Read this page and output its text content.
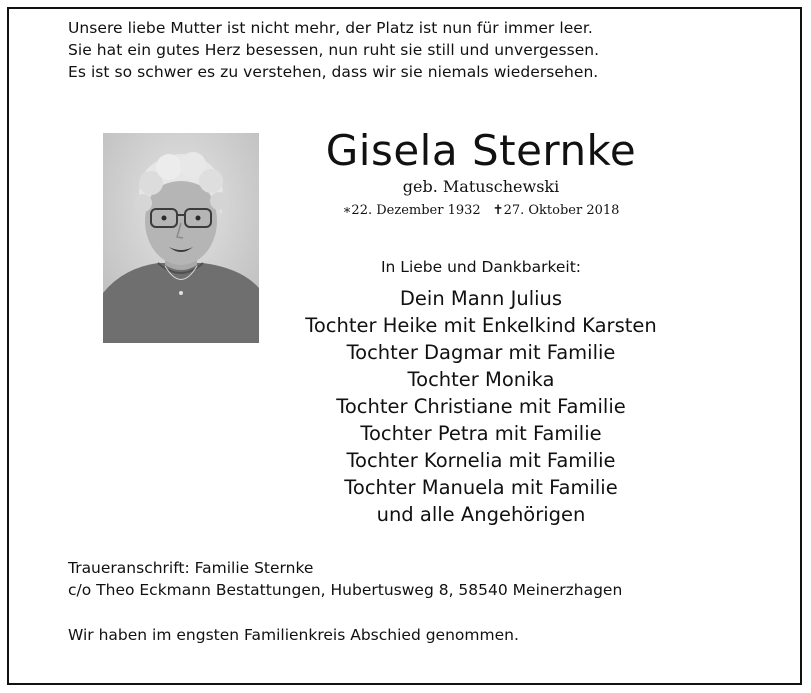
Unsere liebe Mutter ist nicht mehr, der Platz ist nun für immer leer.
Sie hat ein gutes Herz besessen, nun ruht sie still und unvergessen.
Es ist so schwer es zu verstehen, dass wir sie niemals wiedersehen.
Gisela Sternke
geb. Matuschewski
∗22. Dezember 1932 ✝27. Oktober 2018
In Liebe und Dankbarkeit:
Dein Mann Julius
Tochter Heike mit Enkelkind Karsten
Tochter Dagmar mit Familie
Tochter Monika
Tochter Christiane mit Familie
Tochter Petra mit Familie
Tochter Kornelia mit Familie
Tochter Manuela mit Familie
und alle Angehörigen
Traueranschrift: Familie Sternke
c/o Theo Eckmann Bestattungen, Hubertusweg 8, 58540 Meinerzhagen
Wir haben im engsten Familienkreis Abschied genommen.
